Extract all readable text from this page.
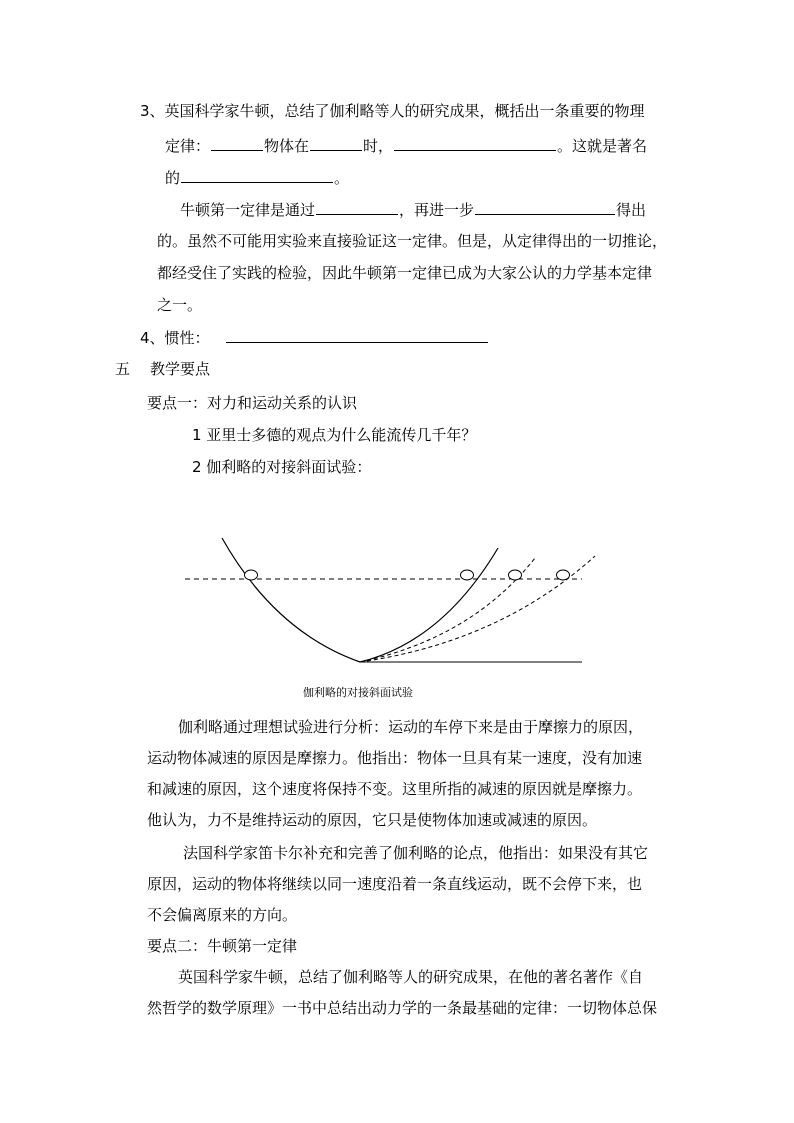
3、英国科学家牛顿，总结了伽利略等人的研究成果，概括出一条重要的物理
定律：	物体在	时，	。这就是著名
的	。
牛顿第一定律是通过	，再进一步	得出
的。虽然不可能用实验来直接验证这一定律。但是，从定律得出的一切推论，
都经受住了实践的检验，因此牛顿第一定律已成为大家公认的力学基本定律
之一。
4、惯性：
五 教学要点
要点一：对力和运动关系的认识
1 亚里士多德的观点为什么能流传几千年？
2 伽利略的对接斜面试验：
伽利略的对接斜面试验
伽利略通过理想试验进行分析：运动的车停下来是由于摩擦力的原因，
运动物体减速的原因是摩擦力。他指出：物体一旦具有某一速度，没有加速
和减速的原因，这个速度将保持不变。这里所指的减速的原因就是摩擦力。
他认为，力不是维持运动的原因，它只是使物体加速或减速的原因。
法国科学家笛卡尔补充和完善了伽利略的论点，他指出：如果没有其它
原因，运动的物体将继续以同一速度沿着一条直线运动，既不会停下来，也
不会偏离原来的方向。
要点二：牛顿第一定律
英国科学家牛顿，总结了伽利略等人的研究成果，在他的著名著作《自
然哲学的数学原理》一书中总结出动力学的一条最基础的定律：一切物体总保
